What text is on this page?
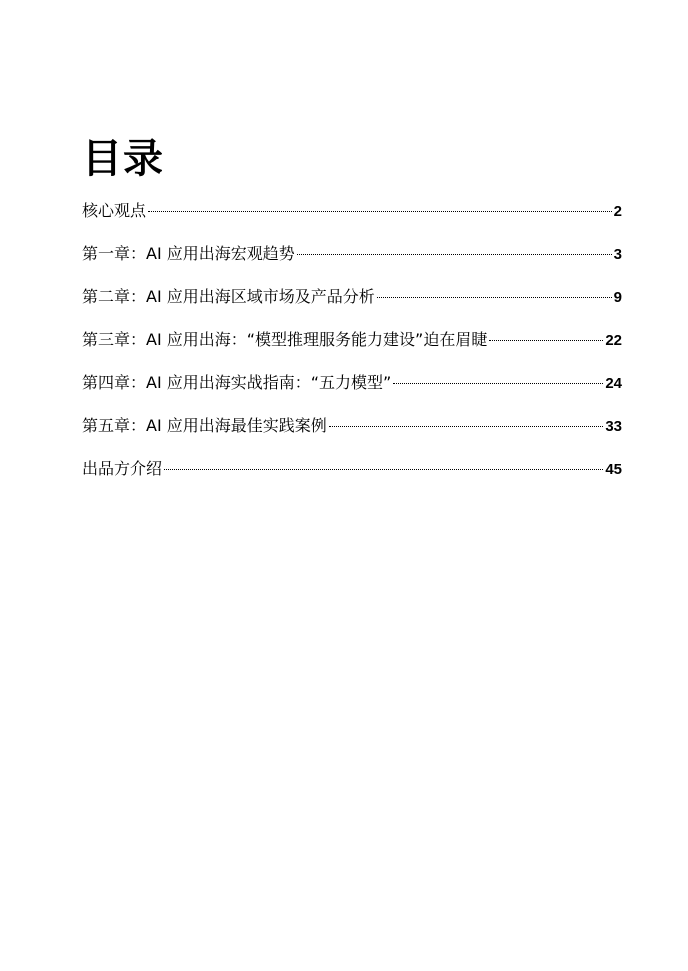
目录
核心观点	2
第一章：AI 应用出海宏观趋势	3
第二章：AI 应用出海区域市场及产品分析	9
第三章：AI 应用出海：“模型推理服务能力建设”迫在眉睫	22
第四章：AI 应用出海实战指南：“五力模型”	24
第五章：AI 应用出海最佳实践案例	33
出品方介绍	45
